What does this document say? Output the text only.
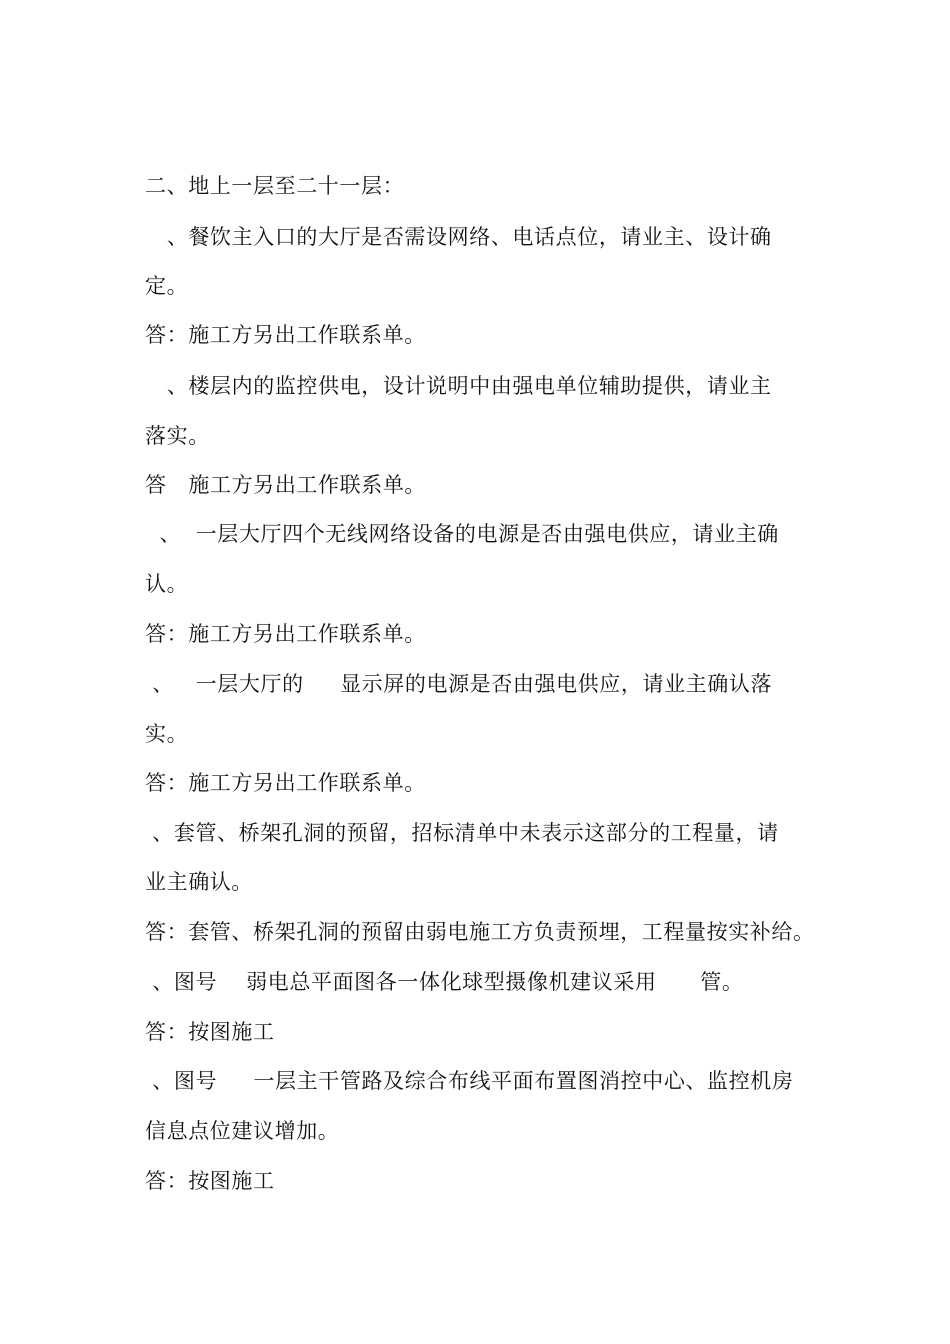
二、地上一层至二十一层：
、餐饮主入口的大厅是否需设网络、电话点位，请业主、设计确
定。
答：施工方另出工作联系单。
、楼层内的监控供电，设计说明中由强电单位辅助提供，请业主
落实。
答   施工方另出工作联系单。
、  一层大厅四个无线网络设备的电源是否由强电供应，请业主确
认。
答：施工方另出工作联系单。
、   一层大厅的     显示屏的电源是否由强电供应，请业主确认落
实。
答：施工方另出工作联系单。
、套管、桥架孔洞的预留，招标清单中未表示这部分的工程量，请
业主确认。
答：套管、桥架孔洞的预留由弱电施工方负责预埋，工程量按实补给。
、图号    弱电总平面图各一体化球型摄像机建议采用      管。
答：按图施工
、图号     一层主干管路及综合布线平面布置图消控中心、监控机房
信息点位建议增加。
答：按图施工
